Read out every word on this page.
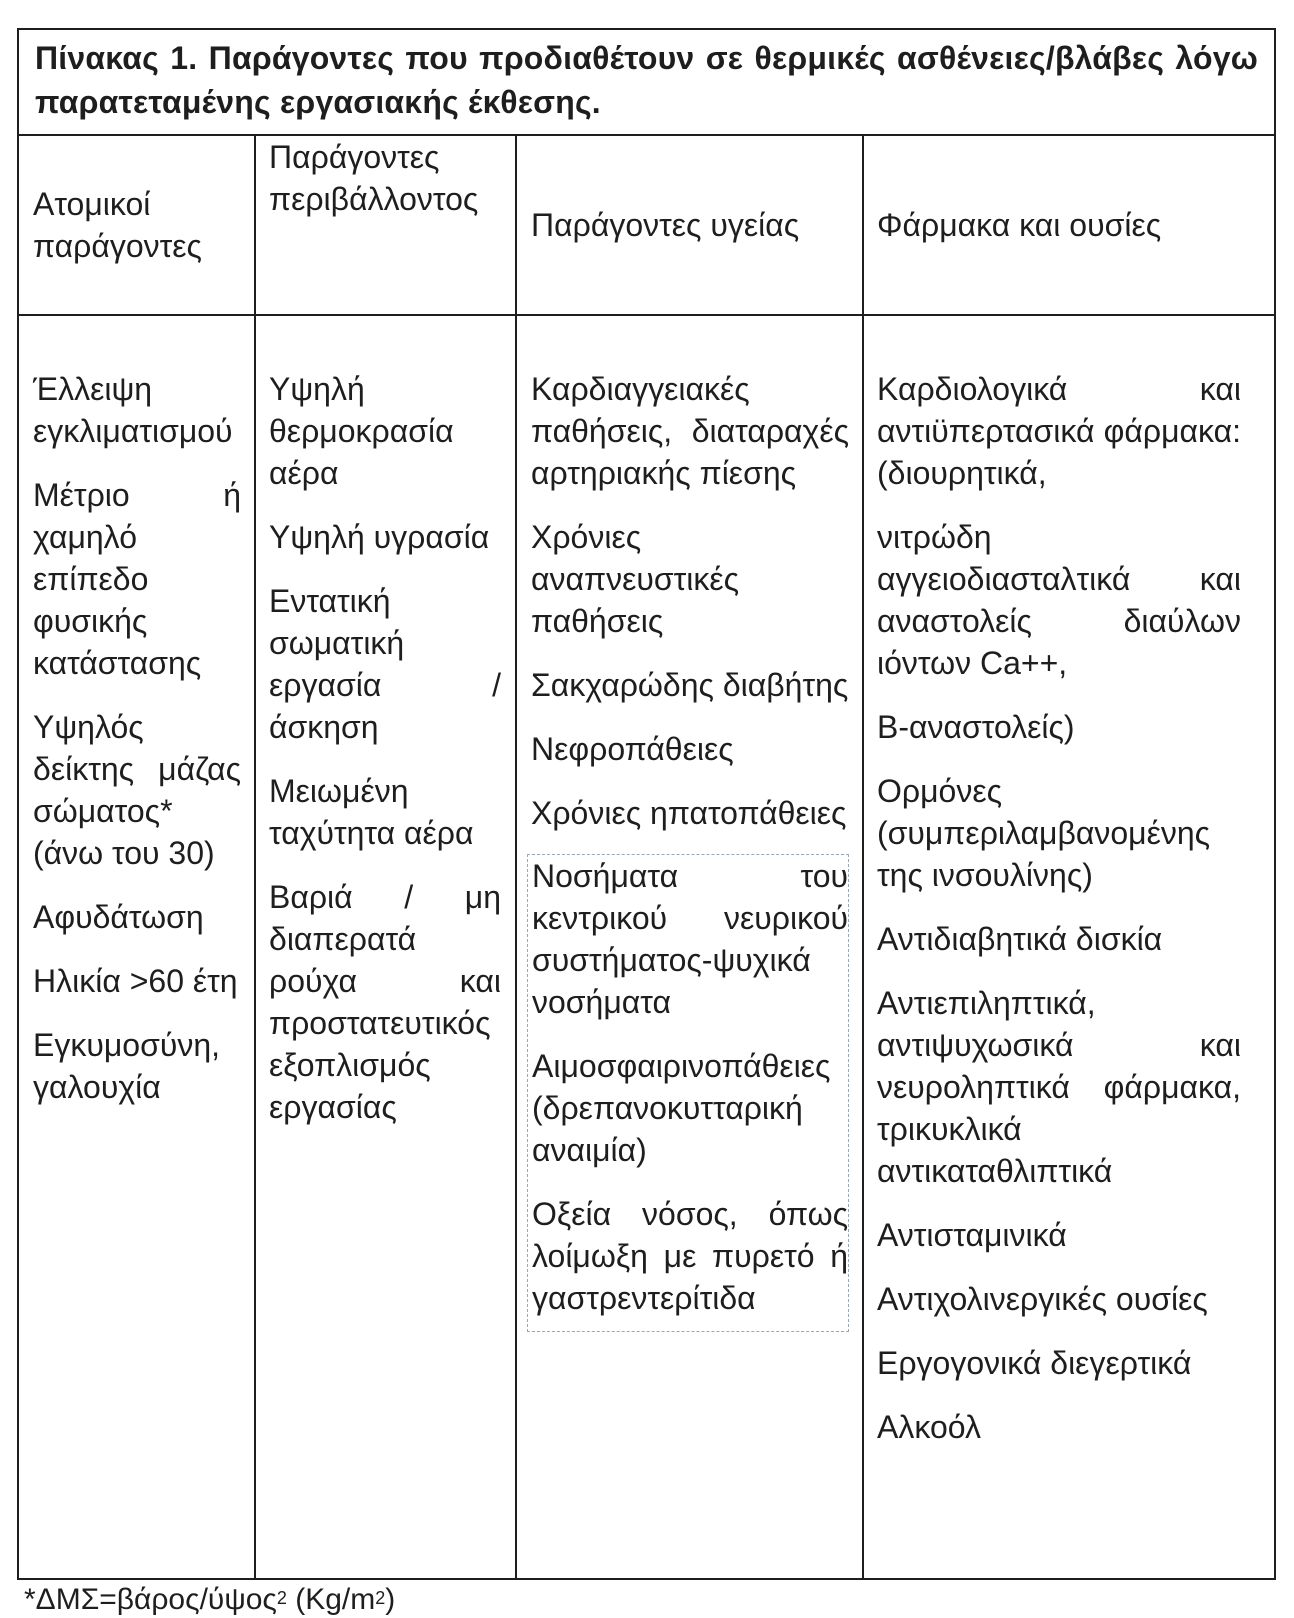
Πίνακας 1. Παράγοντες που προδιαθέτουν σε θερμικές ασθένειες/βλάβες λόγω παρατεταμένης εργασιακής έκθεσης.
Ατομικοί παράγοντες
Παράγοντες περιβάλλοντος
Παράγοντες υγείας	Φάρμακα και ουσίες
Έλλειψη εγκλιματισμού
Μέτριο ή χαμηλό επίπεδο φυσικής κατάστασης
Υψηλός δείκτης μάζας σώματος* (άνω του 30)
Αφυδάτωση
Ηλικία >60 έτη
Εγκυμοσύνη, γαλουχία
Υψηλή θερμοκρασία αέρα
Υψηλή υγρασία
Εντατική σωματική εργασία / άσκηση
Μειωμένη ταχύτητα αέρα
Βαριά / μη διαπερατά ρούχα και προστατευτικός εξοπλισμός εργασίας
Καρδιαγγειακές παθήσεις, διαταραχές αρτηριακής πίεσης
Χρόνιες αναπνευστικές παθήσεις
Σακχαρώδης διαβήτης
Νεφροπάθειες
Χρόνιες ηπατοπάθειες
Νοσήματα του κεντρικού νευρικού συστήματος-ψυχικά νοσήματα
Αιμοσφαιρινοπάθειες (δρεπανοκυτταρική αναιμία)
Οξεία νόσος, όπως λοίμωξη με πυρετό ή γαστρεντερίτιδα
Καρδιολογικά και αντιϋπερτασικά φάρμακα: (διουρητικά,
νιτρώδη αγγειοδιασταλτικά και αναστολείς διαύλων ιόντων Ca++,
Β-αναστολείς)
Ορμόνες (συμπεριλαμβανομένης της ινσουλίνης)
Αντιδιαβητικά δισκία
Αντιεπιληπτικά, αντιψυχωσικά και νευροληπτικά φάρμακα, τρικυκλικά αντικαταθλιπτικά
Αντισταμινικά
Αντιχολινεργικές ουσίες
Εργογονικά διεγερτικά
Αλκοόλ
*ΔΜΣ=βάρος/ύψος$^2$ $(Kg/m^2)$
